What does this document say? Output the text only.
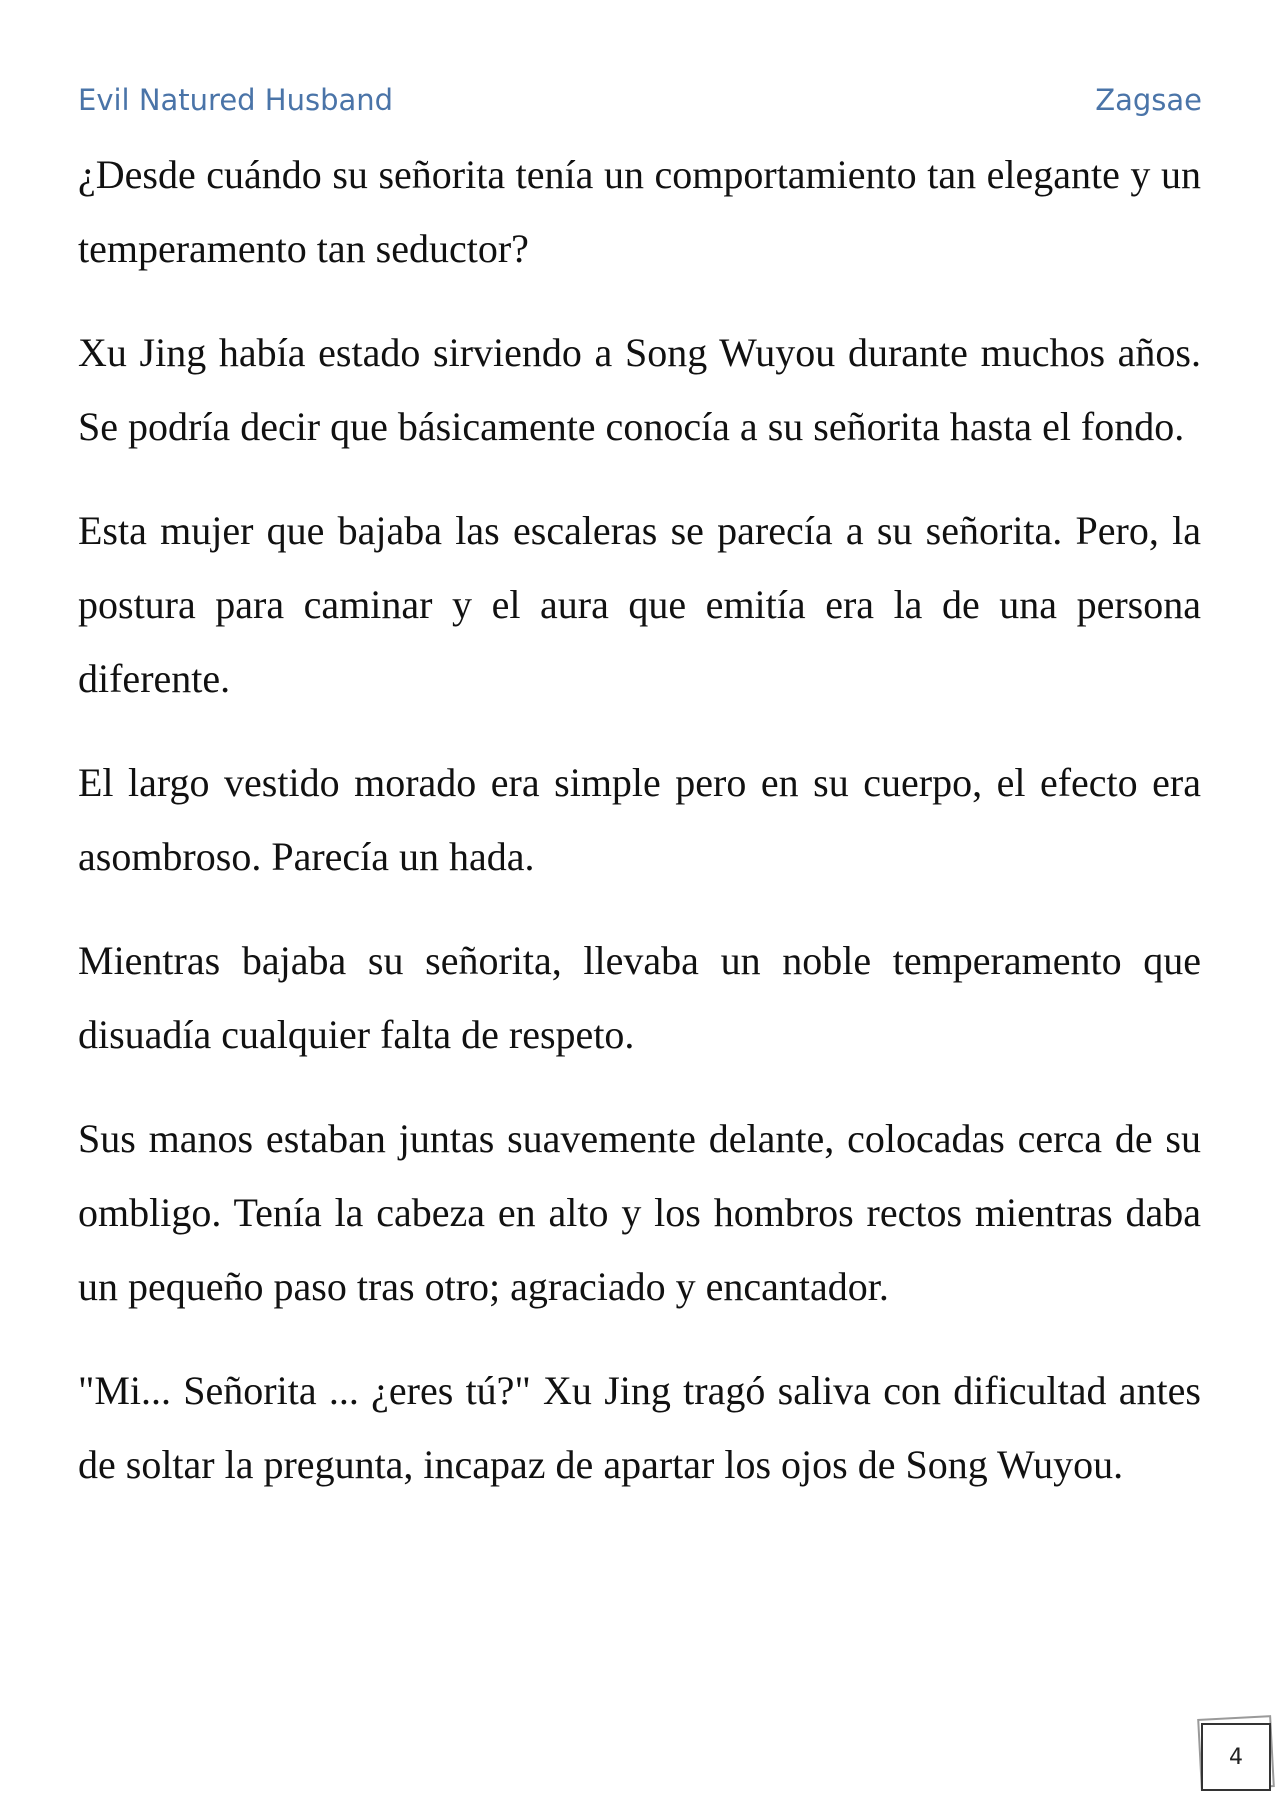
Evil Natured Husband	Zagsae

¿Desde cuándo su señorita tenía un comportamiento tan elegante y un temperamento tan seductor?

Xu Jing había estado sirviendo a Song Wuyou durante muchos años. Se podría decir que básicamente conocía a su señorita hasta el fondo.

Esta mujer que bajaba las escaleras se parecía a su señorita. Pero, la postura para caminar y el aura que emitía era la de una persona diferente.

El largo vestido morado era simple pero en su cuerpo, el efecto era asombroso. Parecía un hada.

Mientras bajaba su señorita, llevaba un noble temperamento que disuadía cualquier falta de respeto.

Sus manos estaban juntas suavemente delante, colocadas cerca de su ombligo. Tenía la cabeza en alto y los hombros rectos mientras daba un pequeño paso tras otro; agraciado y encantador.

"Mi... Señorita ... ¿eres tú?" Xu Jing tragó saliva con dificultad antes de soltar la pregunta, incapaz de apartar los ojos de Song Wuyou.

4
